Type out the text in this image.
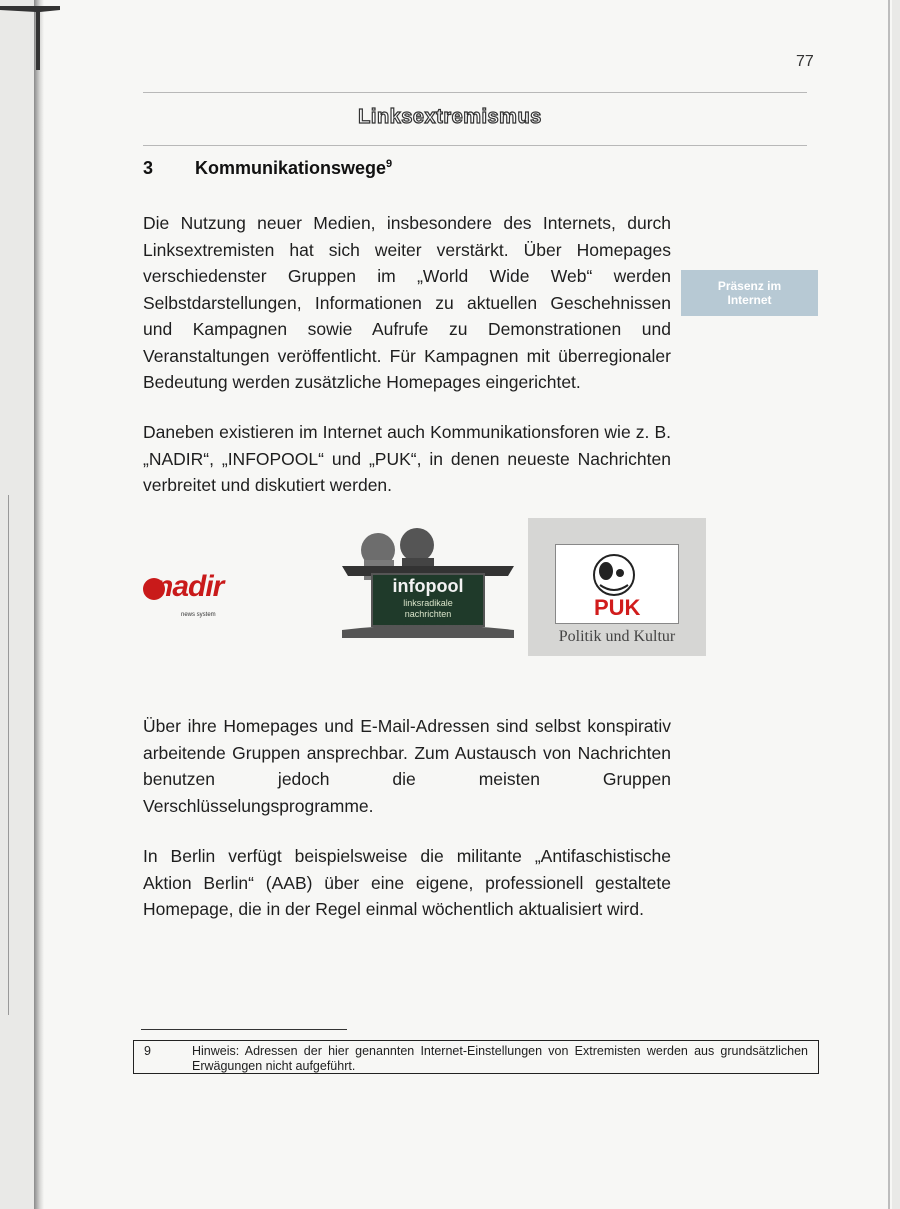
77
Linksextremismus
3 Kommunikationswege$^9$
Die Nutzung neuer Medien, insbesondere des Internets, durch Linksextremisten hat sich weiter verstärkt. Über Homepages verschiedenster Gruppen im „World Wide Web“ werden Selbstdarstellungen, Informationen zu aktuellen Geschehnissen und Kampagnen sowie Aufrufe zu Demonstrationen und Veranstaltungen veröffentlicht. Für Kampagnen mit überregionaler Bedeutung werden zusätzliche Homepages eingerichtet.
Präsenz im
Internet
Daneben existieren im Internet auch Kommunikationsforen wie z. B. „NADIR“, „INFOPOOL“ und „PUK“, in denen neueste Nachrichten verbreitet und diskutiert werden.
nadir
news system
infopool
linksradikale
nachrichten	PUK
Politik und Kultur
Über ihre Homepages und E-Mail-Adressen sind selbst konspirativ arbeitende Gruppen ansprechbar. Zum Austausch von Nachrichten benutzen jedoch die meisten Gruppen Verschlüsselungsprogramme.
In Berlin verfügt beispielsweise die militante „Antifaschistische Aktion Berlin“ (AAB) über eine eigene, professionell gestaltete Homepage, die in der Regel einmal wöchentlich aktualisiert wird.
9	Hinweis: Adressen der hier genannten Internet-Einstellungen von Extremisten werden aus grundsätzlichen Erwägungen nicht aufgeführt.
